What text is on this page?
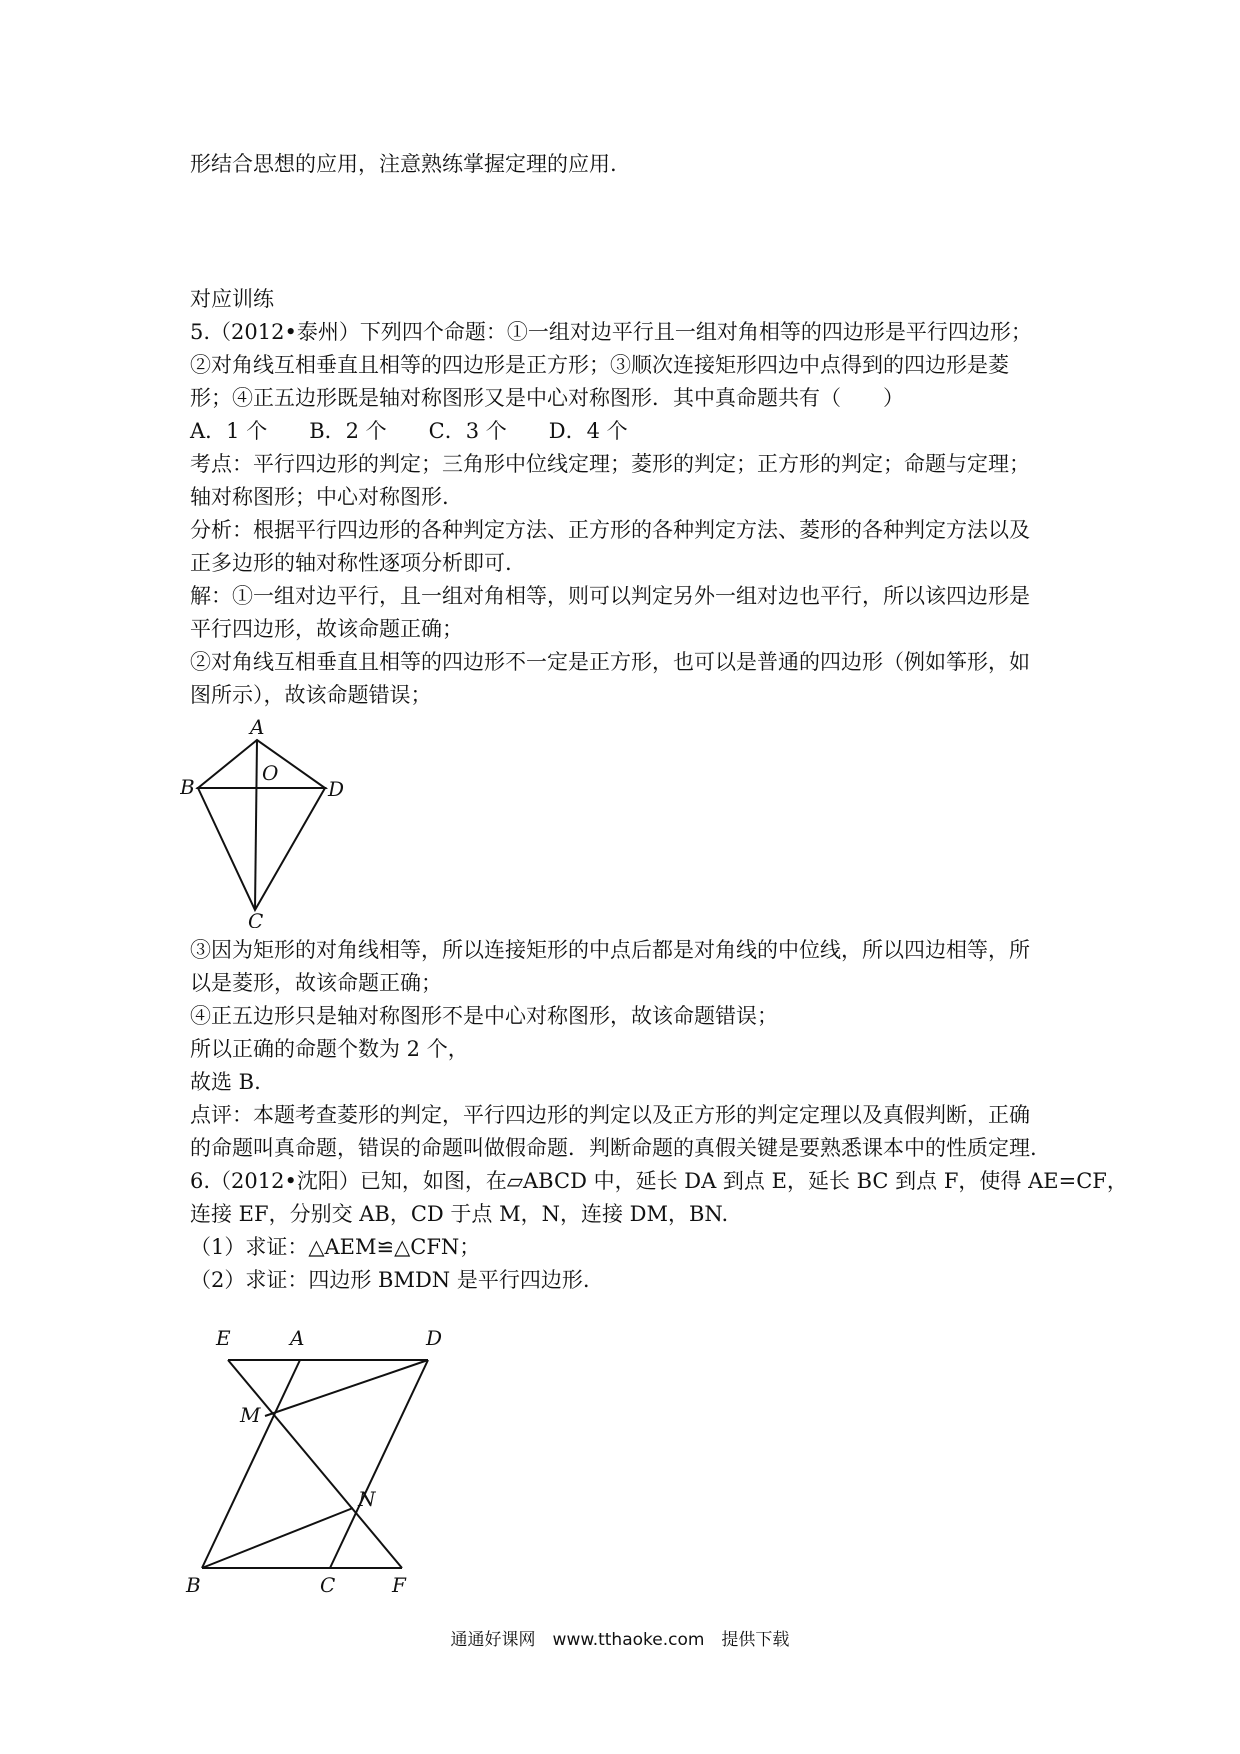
形结合思想的应用，注意熟练掌握定理的应用.
对应训练
5.（2012•泰州）下列四个命题：①一组对边平行且一组对角相等的四边形是平行四边形；
②对角线互相垂直且相等的四边形是正方形；③顺次连接矩形四边中点得到的四边形是菱
形；④正五边形既是轴对称图形又是中心对称图形．其中真命题共有（　　）
A．1 个　　B．2 个　　C．3 个　　D．4 个
考点：平行四边形的判定；三角形中位线定理；菱形的判定；正方形的判定；命题与定理；
轴对称图形；中心对称图形.
分析：根据平行四边形的各种判定方法、正方形的各种判定方法、菱形的各种判定方法以及
正多边形的轴对称性逐项分析即可.
解：①一组对边平行，且一组对角相等，则可以判定另外一组对边也平行，所以该四边形是
平行四边形，故该命题正确；
②对角线互相垂直且相等的四边形不一定是正方形，也可以是普通的四边形（例如筝形，如
图所示），故该命题错误；
A
B
O
D
C
③因为矩形的对角线相等，所以连接矩形的中点后都是对角线的中位线，所以四边相等，所
以是菱形，故该命题正确；
④正五边形只是轴对称图形不是中心对称图形，故该命题错误；
所以正确的命题个数为 2 个，
故选 B.
点评：本题考查菱形的判定，平行四边形的判定以及正方形的判定定理以及真假判断，正确
的命题叫真命题，错误的命题叫做假命题．判断命题的真假关键是要熟悉课本中的性质定理.
6.（2012•沈阳）已知，如图，在▱ABCD 中，延长 DA 到点 E，延长 BC 到点 F，使得 AE=CF，
连接 EF，分别交 AB，CD 于点 M，N，连接 DM，BN.
（1）求证：△AEM≌△CFN；
（2）求证：四边形 BMDN 是平行四边形.
E	A	D
M
N
B	C	F
通通好课网　www.tthaoke.com　提供下载
